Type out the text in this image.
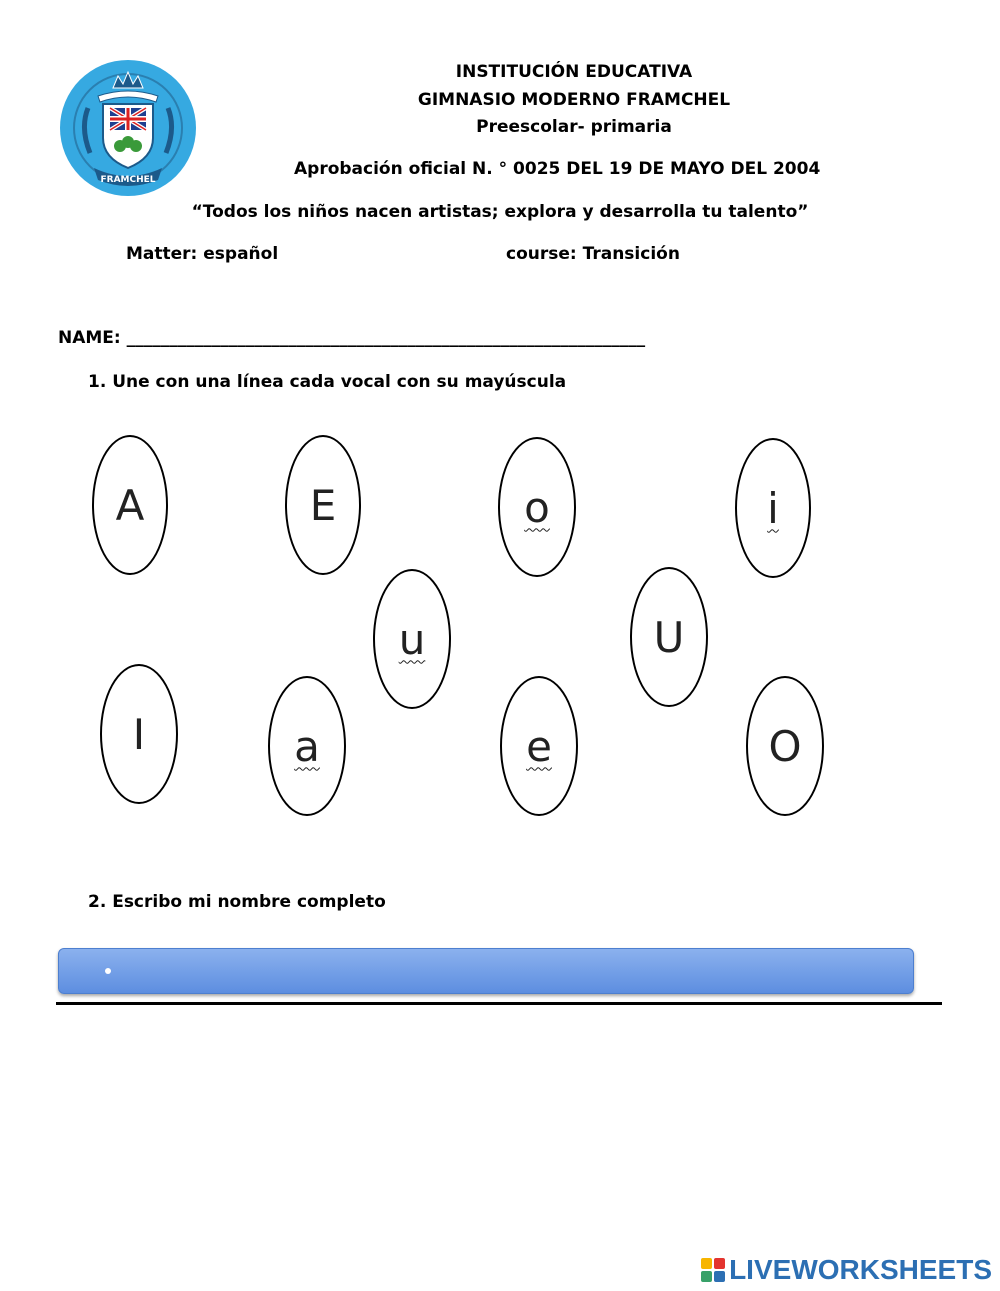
FRAMCHEL
INSTITUCIÓN EDUCATIVA
GIMNASIO MODERNO FRAMCHEL
Preescolar- primaria
Aprobación oficial N. ° 0025 DEL 19 DE MAYO DEL 2004
“Todos los niños nacen artistas; explora y desarrolla tu talento”
Matter: español	course: Transición
NAME: _____________________________________________________________
1. Une con una línea cada vocal con su mayúscula
A	E	o	i
u	U
I	a	e	O
2. Escribo mi nombre completo
LIVEWORKSHEETS
